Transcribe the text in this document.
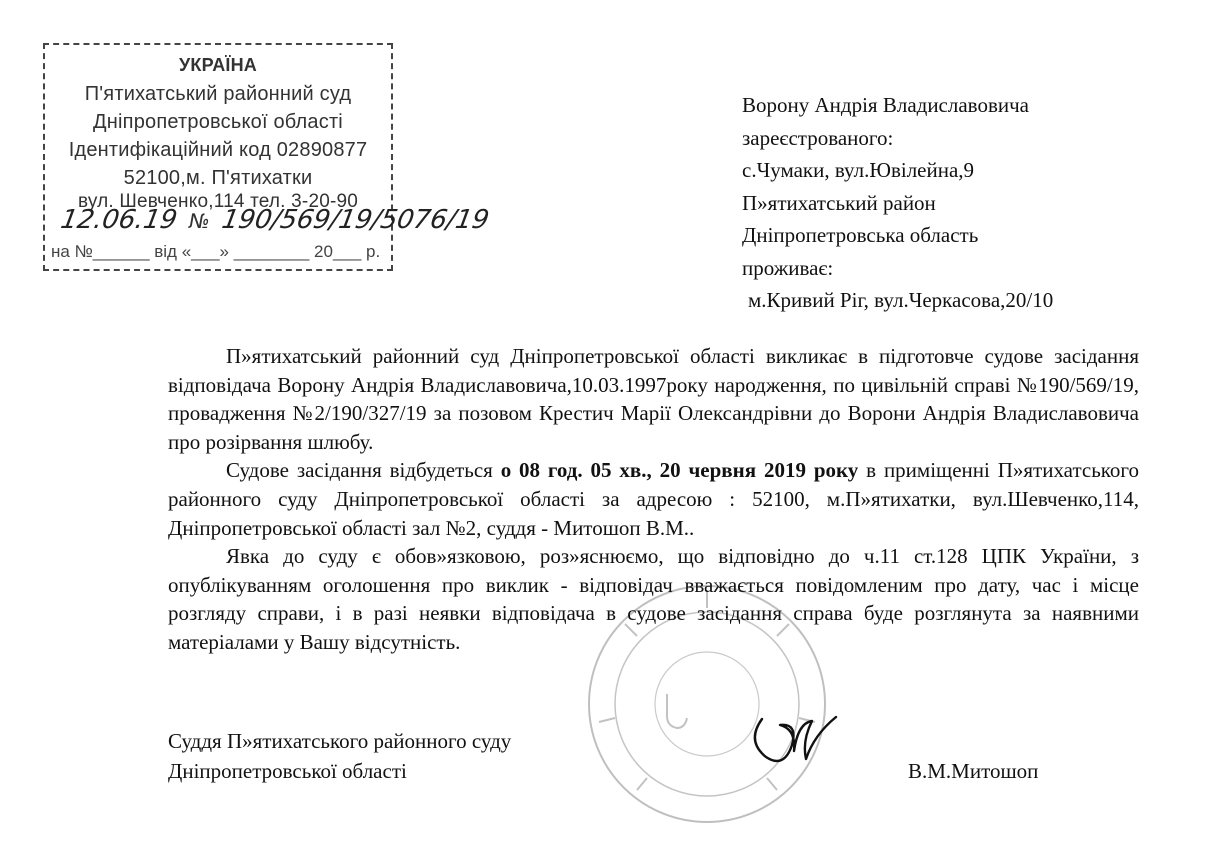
УКРАЇНА
П'ятихатський районний суд
Дніпропетровської області
Ідентифікаційний код 02890877
52100,м. П'ятихатки
вул. Шевченко,114 тел. 3-20-90
12.06.19 № 190/569/19/5076/19
на №______ від «___» ________ 20___ р.
Ворону Андрія Владиславовича
зареєстрованого:
с.Чумаки, вул.Ювілейна,9
П»ятихатський район
Дніпропетровська область
проживає:
м.Кривий Ріг, вул.Черкасова,20/10

П»ятихатський районний суд Дніпропетровської області викликає в підготовче судове засідання відповідача Ворону Андрія Владиславовича,10.03.1997року народження, по цивільній справі №190/569/19, провадження №2/190/327/19 за позовом Крестич Марії Олександрівни до Ворони Андрія Владиславовича про розірвання шлюбу.

Судове засідання відбудеться о 08 год. 05 хв., 20 червня 2019 року в приміщенні П»ятихатського районного суду Дніпропетровської області за адресою : 52100, м.П»ятихатки, вул.Шевченко,114, Дніпропетровської області зал №2, суддя - Митошоп В.М..

Явка до суду є обов»язковою, роз»яснюємо, що відповідно до ч.11 ст.128 ЦПК України, з опублікуванням оголошення про виклик - відповідач вважається повідомленим про дату, час і місце розгляду справи, і в разі неявки відповідача в судове засідання справа буде розглянута за наявними матеріалами у Вашу відсутність.

Суддя П»ятихатського районного суду
Дніпропетровської області	В.М.Митошоп
